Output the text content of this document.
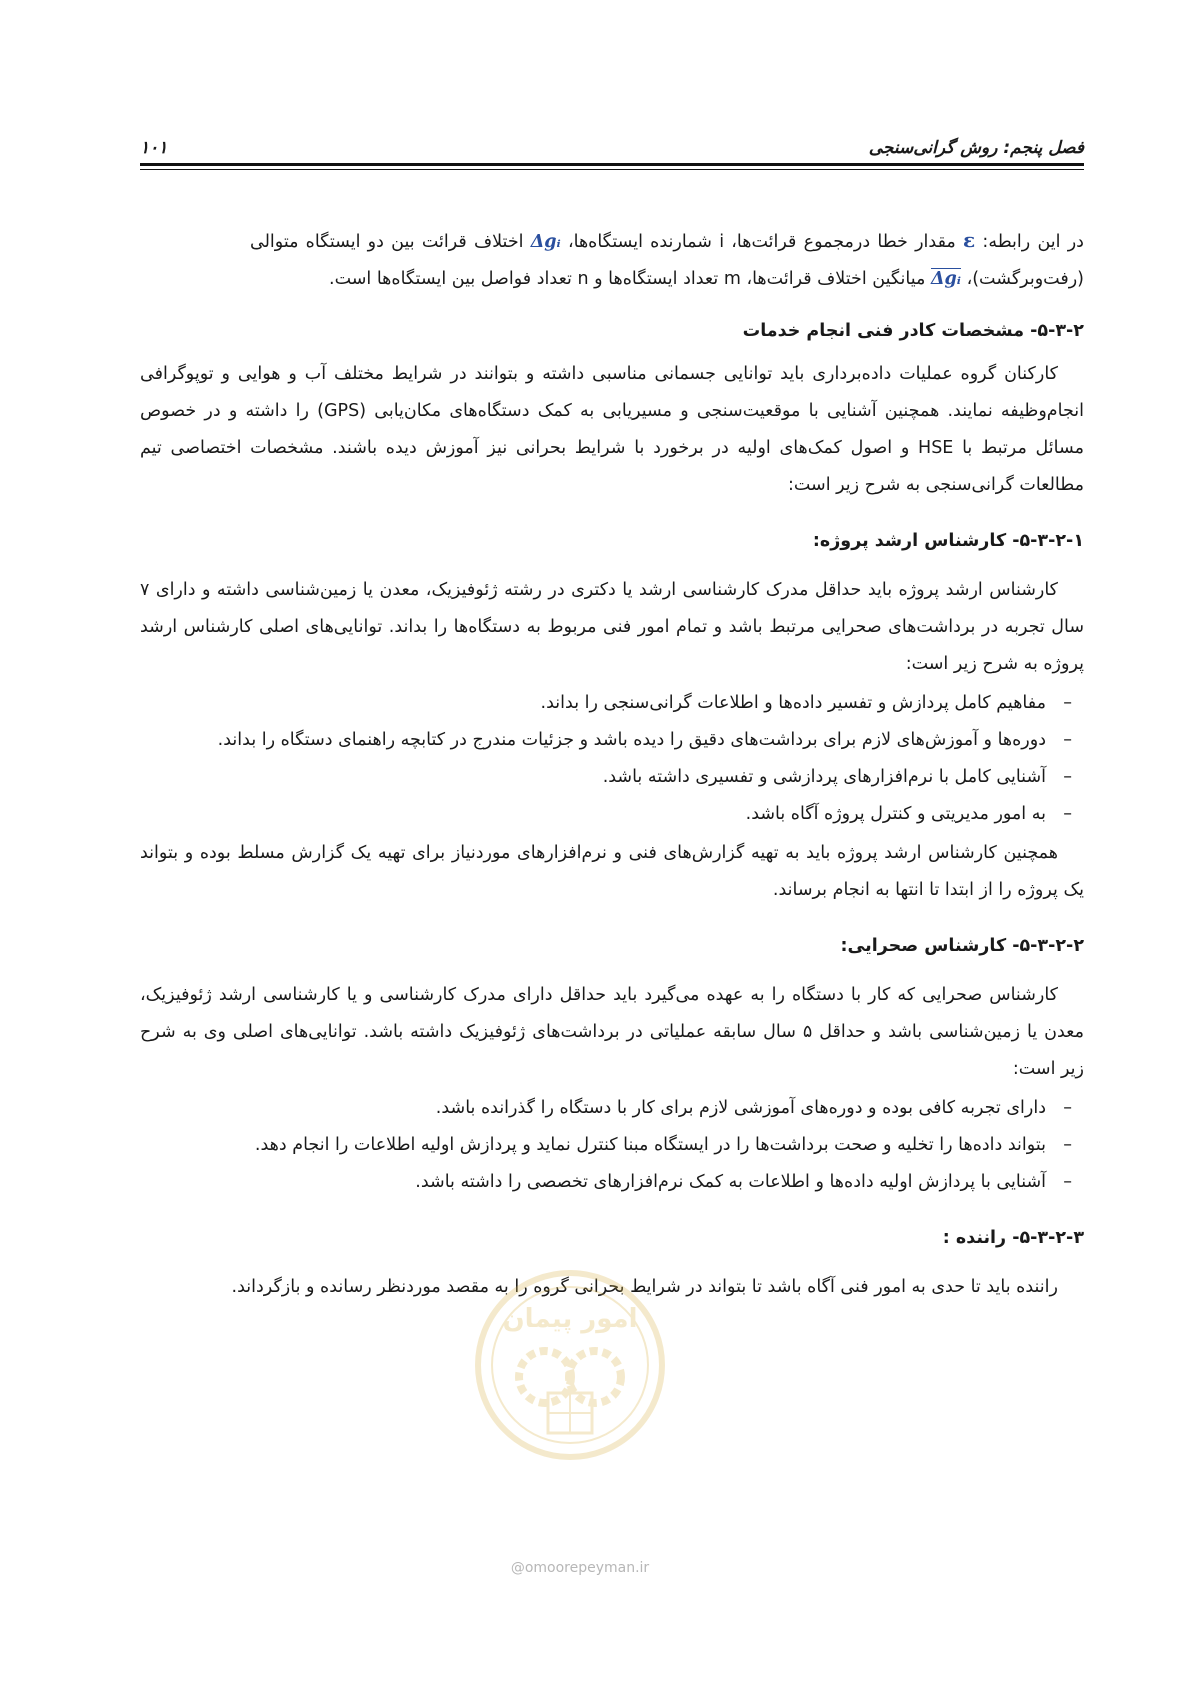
فصل پنجم: روش گرانی‌سنجی
۱۰۱

در این رابطه: ε مقدار خطا درمجموع قرائت‌ها، i شمارنده ایستگاه‌ها، Δgᵢ اختلاف قرائت بین دو ایستگاه متوالی (رفت‌وبرگشت)، Δgᵢ میانگین اختلاف قرائت‌ها، m تعداد ایستگاه‌ها و n تعداد فواصل بین ایستگاه‌ها است.

۵-۳-۲- مشخصات کادر فنی انجام خدمات

کارکنان گروه عملیات داده‌برداری باید توانایی جسمانی مناسبی داشته و بتوانند در شرایط مختلف آب و هوایی و توپوگرافی انجام‌وظیفه نمایند. همچنین آشنایی با موقعیت‌سنجی و مسیریابی به کمک دستگاه‌های مکان‌یابی (GPS) را داشته و در خصوص مسائل مرتبط با HSE و اصول کمک‌های اولیه در برخورد با شرایط بحرانی نیز آموزش دیده باشند. مشخصات اختصاصی تیم مطالعات گرانی‌سنجی به شرح زیر است:

۵-۳-۲-۱- کارشناس ارشد پروژه:

کارشناس ارشد پروژه باید حداقل مدرک کارشناسی ارشد یا دکتری در رشته ژئوفیزیک، معدن یا زمین‌شناسی داشته و دارای ۷ سال تجربه در برداشت‌های صحرایی مرتبط باشد و تمام امور فنی مربوط به دستگاه‌ها را بداند. توانایی‌های اصلی کارشناس ارشد پروژه به شرح زیر است:

–
مفاهیم کامل پردازش و تفسیر داده‌ها و اطلاعات گرانی‌سنجی را بداند.
–
دوره‌ها و آموزش‌های لازم برای برداشت‌های دقیق را دیده باشد و جزئیات مندرج در کتابچه راهنمای دستگاه را بداند.
–
آشنایی کامل با نرم‌افزارهای پردازشی و تفسیری داشته باشد.
–
به امور مدیریتی و کنترل پروژه آگاه باشد.

همچنین کارشناس ارشد پروژه باید به تهیه گزارش‌های فنی و نرم‌افزارهای موردنیاز برای تهیه یک گزارش مسلط بوده و بتواند یک پروژه را از ابتدا تا انتها به انجام برساند.

۵-۳-۲-۲- کارشناس صحرایی:

کارشناس صحرایی که کار با دستگاه را به عهده می‌گیرد باید حداقل دارای مدرک کارشناسی و یا کارشناسی ارشد ژئوفیزیک، معدن یا زمین‌شناسی باشد و حداقل ۵ سال سابقه عملیاتی در برداشت‌های ژئوفیزیک داشته باشد. توانایی‌های اصلی وی به شرح زیر است:

–
دارای تجربه کافی بوده و دوره‌های آموزشی لازم برای کار با دستگاه را گذرانده باشد.
–
بتواند داده‌ها را تخلیه و صحت برداشت‌ها را در ایستگاه مبنا کنترل نماید و پردازش اولیه اطلاعات را انجام دهد.
–
آشنایی با پردازش اولیه داده‌ها و اطلاعات به کمک نرم‌افزارهای تخصصی را داشته باشد.
۵-۳-۲-۳- راننده :

راننده باید تا حدی به امور فنی آگاه باشد تا بتواند در شرایط بحرانی گروه را به مقصد موردنظر رسانده و بازگرداند.

امور پیمان
@omoorepeyman.ir
